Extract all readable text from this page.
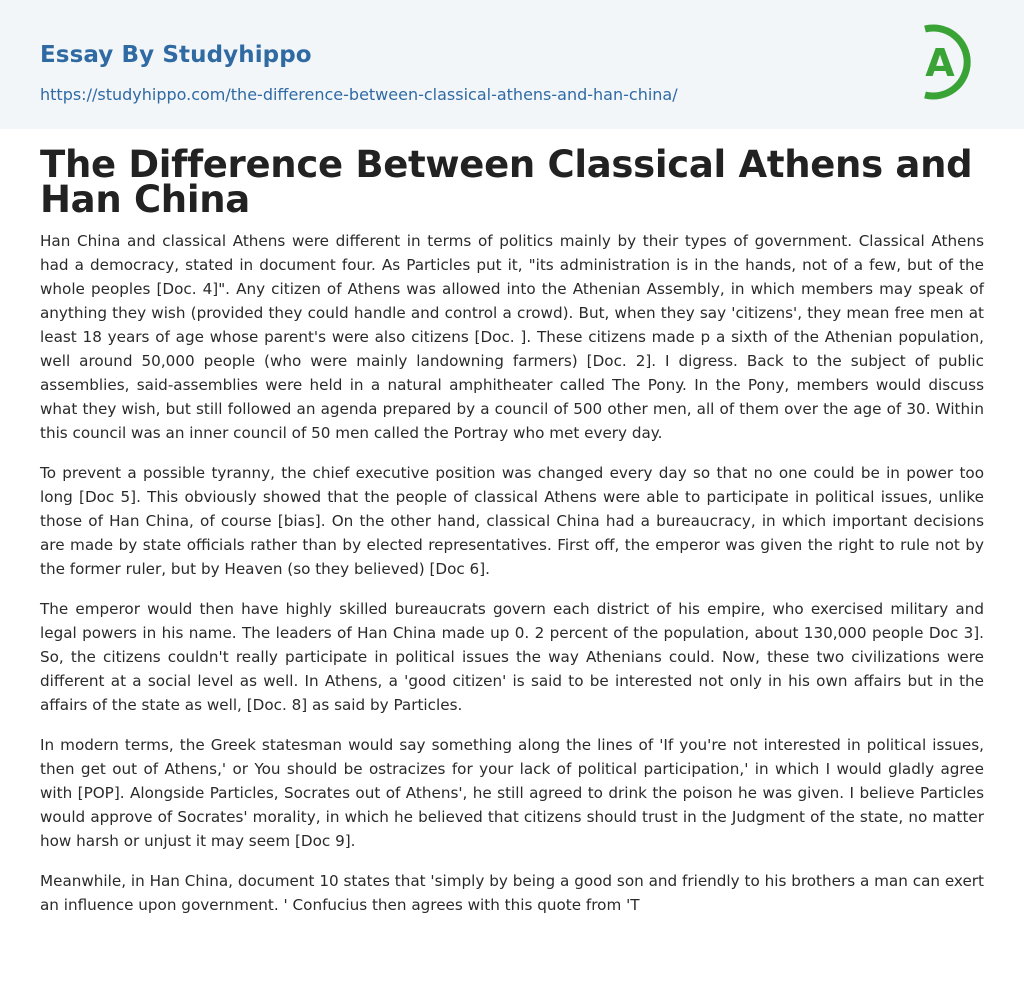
Essay By Studyhippo
https://studyhippo.com/the-difference-between-classical-athens-and-han-china/
A
The Difference Between Classical Athens and Han China

Han China and classical Athens were different in terms of politics mainly by their types of government. Classical Athens had a democracy, stated in document four. As Particles put it, "its administration is in the hands, not of a few, but of the whole peoples [Doc. 4]". Any citizen of Athens was allowed into the Athenian Assembly, in which members may speak of anything they wish (provided they could handle and control a crowd). But, when they say 'citizens', they mean free men at least 18 years of age whose parent's were also citizens [Doc. ]. These citizens made p a sixth of the Athenian population, well around 50,000 people (who were mainly landowning farmers) [Doc. 2]. I digress. Back to the subject of public assemblies, said-assemblies were held in a natural amphitheater called The Pony. In the Pony, members would discuss what they wish, but still followed an agenda prepared by a council of 500 other men, all of them over the age of 30. Within this council was an inner council of 50 men called the Portray who met every day.

To prevent a possible tyranny, the chief executive position was changed every day so that no one could be in power too long [Doc 5]. This obviously showed that the people of classical Athens were able to participate in political issues, unlike those of Han China, of course [bias]. On the other hand, classical China had a bureaucracy, in which important decisions are made by state officials rather than by elected representatives. First off, the emperor was given the right to rule not by the former ruler, but by Heaven (so they believed) [Doc 6].

The emperor would then have highly skilled bureaucrats govern each district of his empire, who exercised military and legal powers in his name. The leaders of Han China made up 0. 2 percent of the population, about 130,000 people Doc 3]. So, the citizens couldn't really participate in political issues the way Athenians could. Now, these two civilizations were different at a social level as well. In Athens, a 'good citizen' is said to be interested not only in his own affairs but in the affairs of the state as well, [Doc. 8] as said by Particles.

In modern terms, the Greek statesman would say something along the lines of 'If you're not interested in political issues, then get out of Athens,' or You should be ostracizes for your lack of political participation,' in which I would gladly agree with [POP]. Alongside Particles, Socrates out of Athens', he still agreed to drink the poison he was given. I believe Particles would approve of Socrates' morality, in which he believed that citizens should trust in the Judgment of the state, no matter how harsh or unjust it may seem [Doc 9].

Meanwhile, in Han China, document 10 states that 'simply by being a good son and friendly to his brothers a man can exert an influence upon government. ' Confucius then agrees with this quote from 'T
